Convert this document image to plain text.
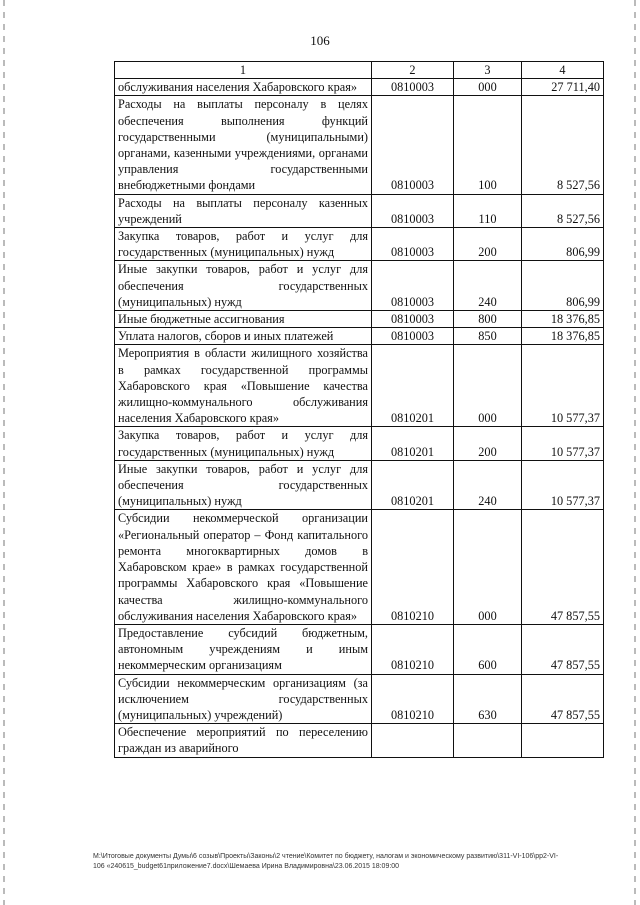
106
1	2	3	4
обслуживания населения Хабаровского края»	0810003	000	27 711,40
Расходы на выплаты персоналу в целях обеспечения выполнения функций государственными (муниципальными) органами, казенными учреждениями, органами управления государственными внебюджетными фондами	0810003	100	8 527,56
Расходы на выплаты персоналу казенных учреждений	0810003	110	8 527,56
Закупка товаров, работ и услуг для государственных (муниципальных) нужд	0810003	200	806,99
Иные закупки товаров, работ и услуг для обеспечения государственных (муниципальных) нужд	0810003	240	806,99
Иные бюджетные ассигнования	0810003	800	18 376,85
Уплата налогов, сборов и иных платежей	0810003	850	18 376,85
Мероприятия в области жилищного хозяйства в рамках государственной программы Хабаровского края «Повышение качества жилищно-коммунального обслуживания населения Хабаровского края»	0810201	000	10 577,37
Закупка товаров, работ и услуг для государственных (муниципальных) нужд	0810201	200	10 577,37
Иные закупки товаров, работ и услуг для обеспечения государственных (муниципальных) нужд	0810201	240	10 577,37
Субсидии некоммерческой организации «Региональный оператор – Фонд капитального ремонта многоквартирных домов в Хабаровском крае» в рамках государственной программы Хабаровского края «Повышение качества жилищно-коммунального обслуживания населения Хабаровского края»	0810210	000	47 857,55
Предоставление субсидий бюджетным, автономным учреждениям и иным некоммерческим организациям	0810210	600	47 857,55
Субсидии некоммерческим организациям (за исключением государственных (муниципальных) учреждений)	0810210	630	47 857,55
Обеспечение мероприятий по переселению граждан из аварийного			
M:\Итоговые документы Думы\6 созыв\Проекты\Законы\2 чтение\Комитет по бюджету, налогам и экономическому развитию\311-VI-106\рр2-VI-
106 «240615_budget61приложение7.docx\Шемаева Ирина Владимировна\23.06.2015 18:09:00
